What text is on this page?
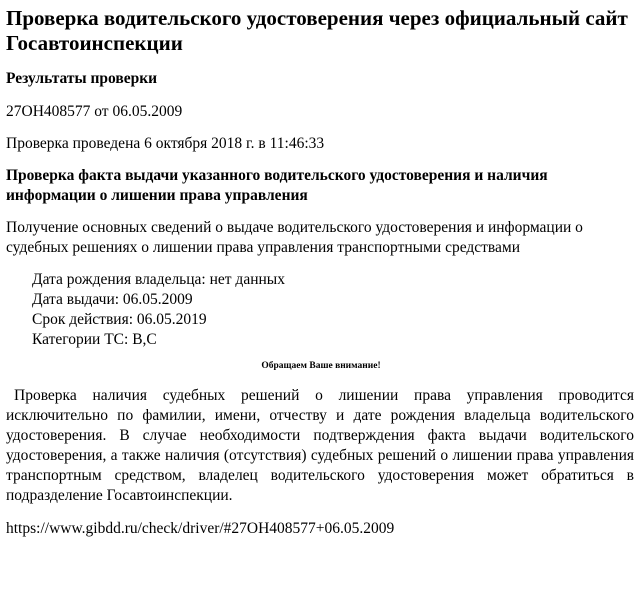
Проверка водительского удостоверения через официальный сайт Госавтоинспекции
Результаты проверки

27ОН408577 от 06.05.2009

Проверка проведена 6 октября 2018 г. в 11:46:33

Проверка факта выдачи указанного водительского удостоверения и наличия информации о лишении права управления

Получение основных сведений о выдаче водительского удостоверения и информации о судебных решениях о лишении права управления транспортными средствами

Дата рождения владельца: нет данных
Дата выдачи: 06.05.2009
Срок действия: 06.05.2019
Категории ТС: В,С
Обращаем Ваше внимание!

Проверка наличия судебных решений о лишении права управления проводится исключительно по фамилии, имени, отчеству и дате рождения владельца водительского удостоверения. В случае необходимости подтверждения факта выдачи водительского удостоверения, а также наличия (отсутствия) судебных решений о лишении права управления транспортным средством, владелец водительского удостоверения может обратиться в подразделение Госавтоинспекции.

https://www.gibdd.ru/check/driver/#27ОН408577+06.05.2009
